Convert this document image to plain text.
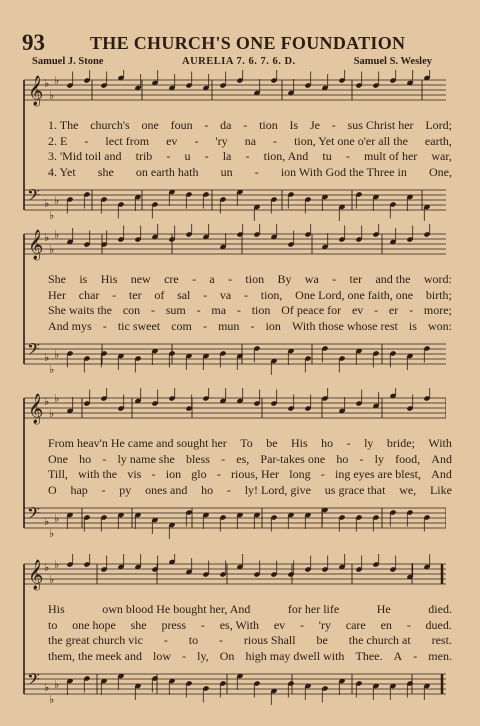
93	THE CHURCH'S ONE FOUNDATION
Samuel J. Stone	AURELIA 7. 6. 7. 6. D.	Samuel S. Wesley
𝄞
𝄢
♭
♭
♭
♭
♭
♭
1. The church's one foun - da - tion Is Je - sus Christ her Lord;
2. E - lect from ev - 'ry na - tion, Yet one o'er all the earth,
3. 'Mid toil and trib - u - la - tion, And tu - mult of her war,
4. Yet she on earth hath un - ion With God the Three in One,
𝄞
𝄢
♭
♭
♭
♭
♭
♭
She is His new cre - a - tion By wa - ter and the word:
Her char - ter of sal - va - tion, One Lord, one faith, one birth;
She waits the con - sum - ma - tion Of peace for ev - er - more;
And mys - tic sweet com - mun - ion With those whose rest is won:
𝄞
𝄢
♭
♭
♭
♭
♭
♭
From heav'n He came and sought her To be His ho - ly bride; With
One ho - ly name she bless - es, Par-takes one ho - ly food, And
Till, with the vis - ion glo - rious, Her long - ing eyes are blest, And
O hap - py ones and ho - ly! Lord, give us grace that we, Like
𝄞
𝄢
♭
♭
♭
♭
♭
♭
His	own blood He bought her, And	for her life	He	died.
to one hope she press - es, With ev - 'ry care en - dued.
the great church vic - to - rious Shall be the church at rest.
them, the meek and low - ly, On high may dwell with Thee. A - men.
